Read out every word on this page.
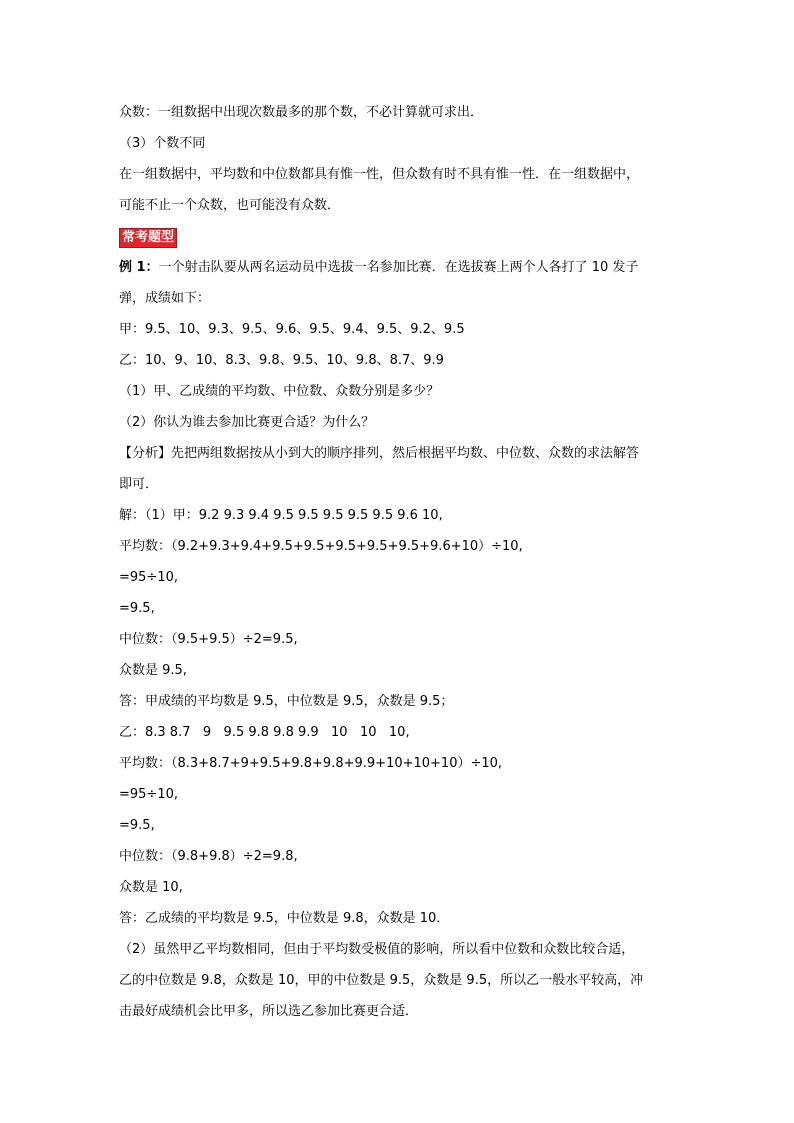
众数：一组数据中出现次数最多的那个数，不必计算就可求出．
（3）个数不同
在一组数据中，平均数和中位数都具有惟一性，但众数有时不具有惟一性．在一组数据中，
可能不止一个众数，也可能没有众数．
常考题型
例 1：一个射击队要从两名运动员中选拔一名参加比赛．在选拔赛上两个人各打了 10 发子
弹，成绩如下：
甲：9.5、10、9.3、9.5、9.6、9.5、9.4、9.5、9.2、9.5
乙：10、9、10、8.3、9.8、9.5、10、9.8、8.7、9.9
（1）甲、乙成绩的平均数、中位数、众数分别是多少？
（2）你认为谁去参加比赛更合适？为什么？
【分析】先把两组数据按从小到大的顺序排列，然后根据平均数、中位数、众数的求法解答
即可．
解：（1）甲：9.2 9.3 9.4 9.5 9.5 9.5 9.5 9.5 9.6 10,
平均数：（9.2+9.3+9.4+9.5+9.5+9.5+9.5+9.5+9.6+10）÷10,
=95÷10,
=9.5,
中位数：（9.5+9.5）÷2=9.5,
众数是 9.5,
答：甲成绩的平均数是 9.5，中位数是 9.5，众数是 9.5；
乙：8.3 8.7   9   9.5 9.8 9.8 9.9   10   10   10,
平均数：（8.3+8.7+9+9.5+9.8+9.8+9.9+10+10+10）÷10,
=95÷10,
=9.5,
中位数：（9.8+9.8）÷2=9.8,
众数是 10,
答：乙成绩的平均数是 9.5，中位数是 9.8，众数是 10．
（2）虽然甲乙平均数相同，但由于平均数受极值的影响，所以看中位数和众数比较合适，
乙的中位数是 9.8，众数是 10，甲的中位数是 9.5，众数是 9.5，所以乙一般水平较高，冲
击最好成绩机会比甲多，所以选乙参加比赛更合适．
